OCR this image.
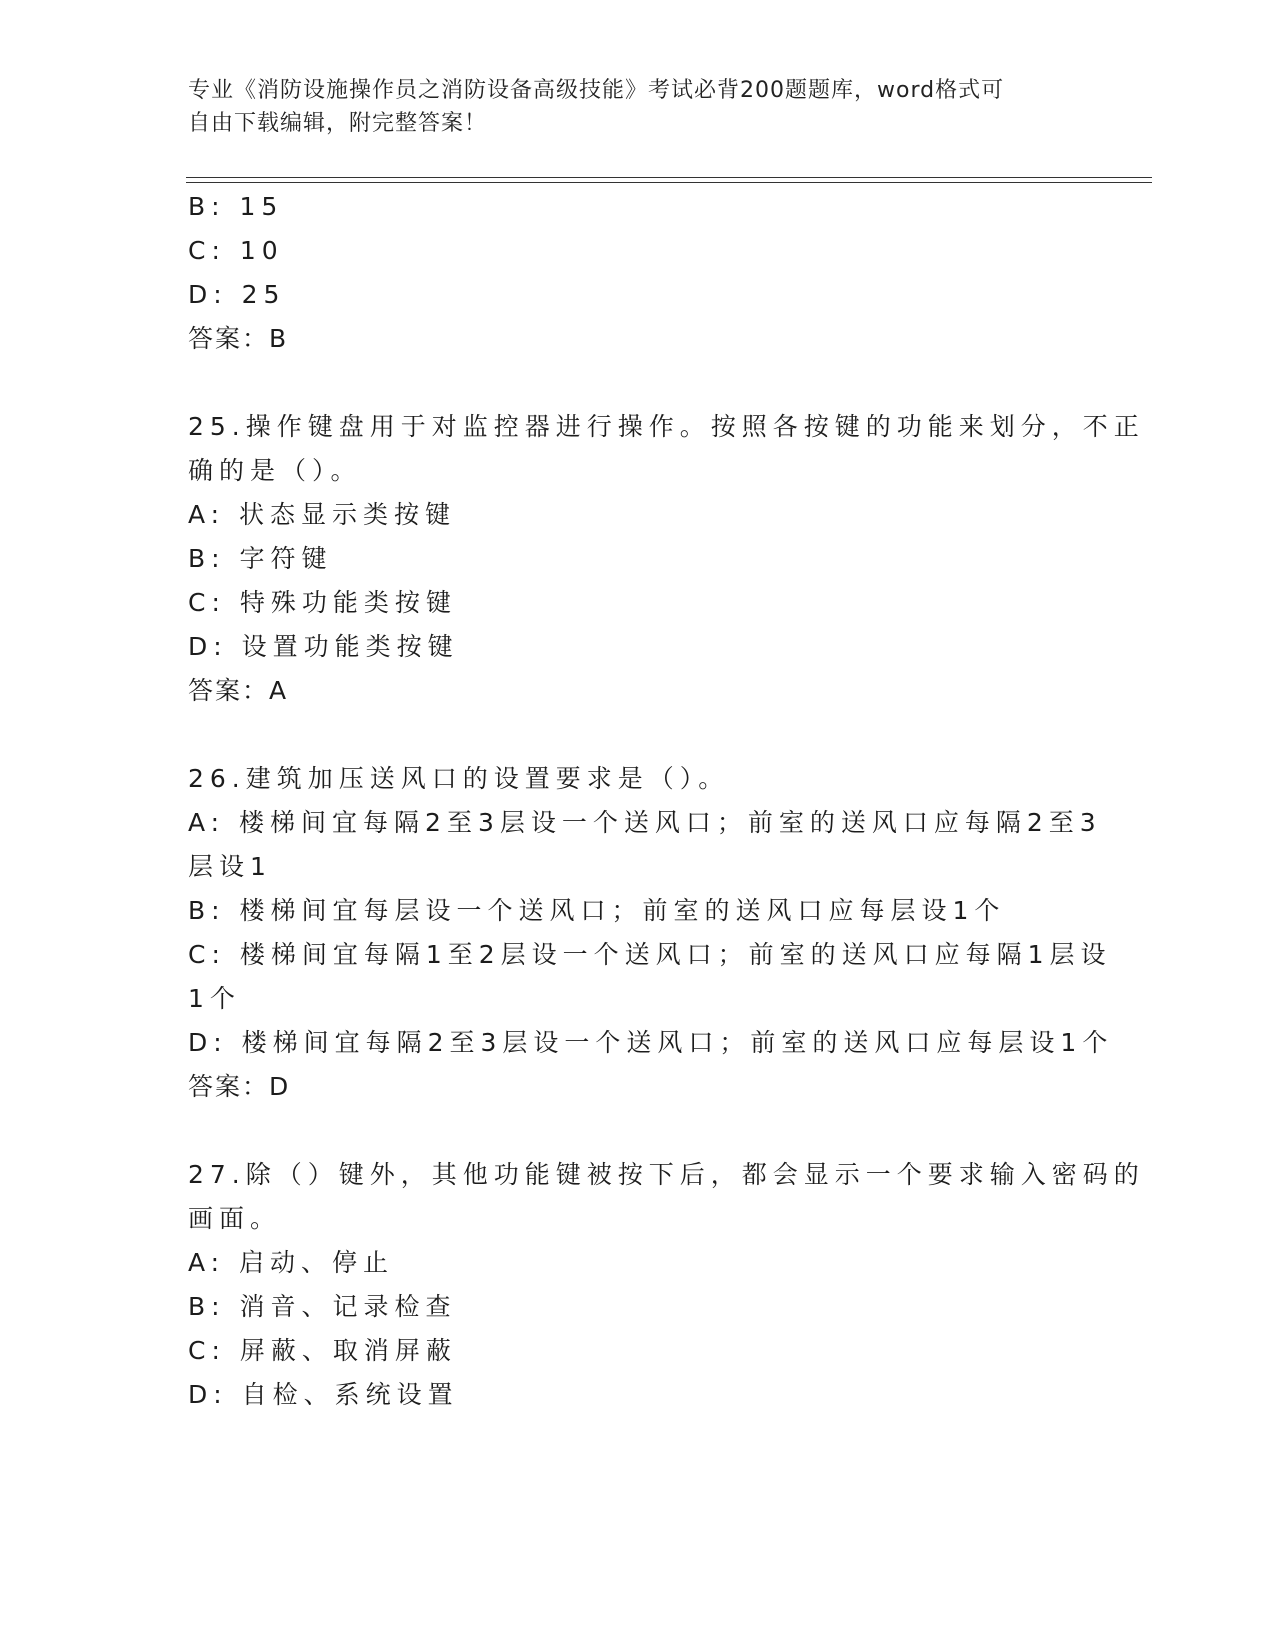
专业《消防设施操作员之消防设备高级技能》考试必背200题题库，word格式可
自由下载编辑，附完整答案！
B: 15
C: 10
D: 25
答案：B
25.操作键盘用于对监控器进行操作。按照各按键的功能来划分，不正
确的是（）。
A: 状态显示类按键
B: 字符键
C: 特殊功能类按键
D: 设置功能类按键
答案：A
26.建筑加压送风口的设置要求是（）。
A: 楼梯间宜每隔2至3层设一个送风口；前室的送风口应每隔2至3
层设1
B: 楼梯间宜每层设一个送风口；前室的送风口应每层设1个
C: 楼梯间宜每隔1至2层设一个送风口；前室的送风口应每隔1层设
1个
D: 楼梯间宜每隔2至3层设一个送风口；前室的送风口应每层设1个
答案：D
27.除（）键外，其他功能键被按下后，都会显示一个要求输入密码的
画面。
A: 启动、停止
B: 消音、记录检查
C: 屏蔽、取消屏蔽
D: 自检、系统设置
